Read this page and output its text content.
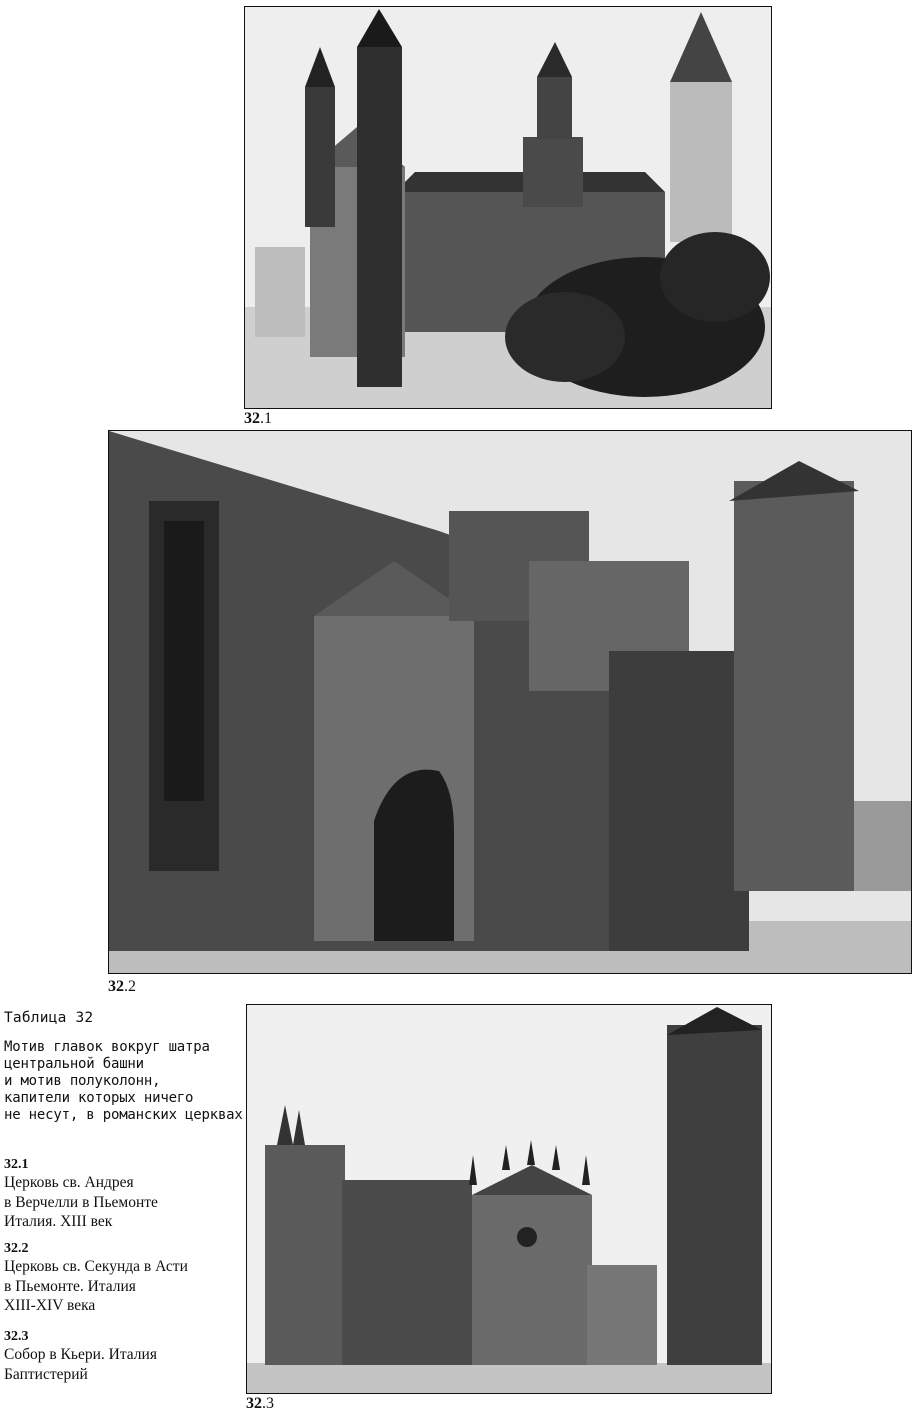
32.1
32.2
32.3
Таблица 32
Мотив главок вокруг шатра
центральной башни
и мотив полуколонн,
капители которых ничего
не несут, в романских церквах
32.1
Церковь св. Андрея
в Верчелли в Пьемонте
Италия. XIII век
32.2
Церковь св. Секунда в Асти
в Пьемонте. Италия
XIII-XIV века
32.3
Собор в Кьери. Италия
Баптистерий
